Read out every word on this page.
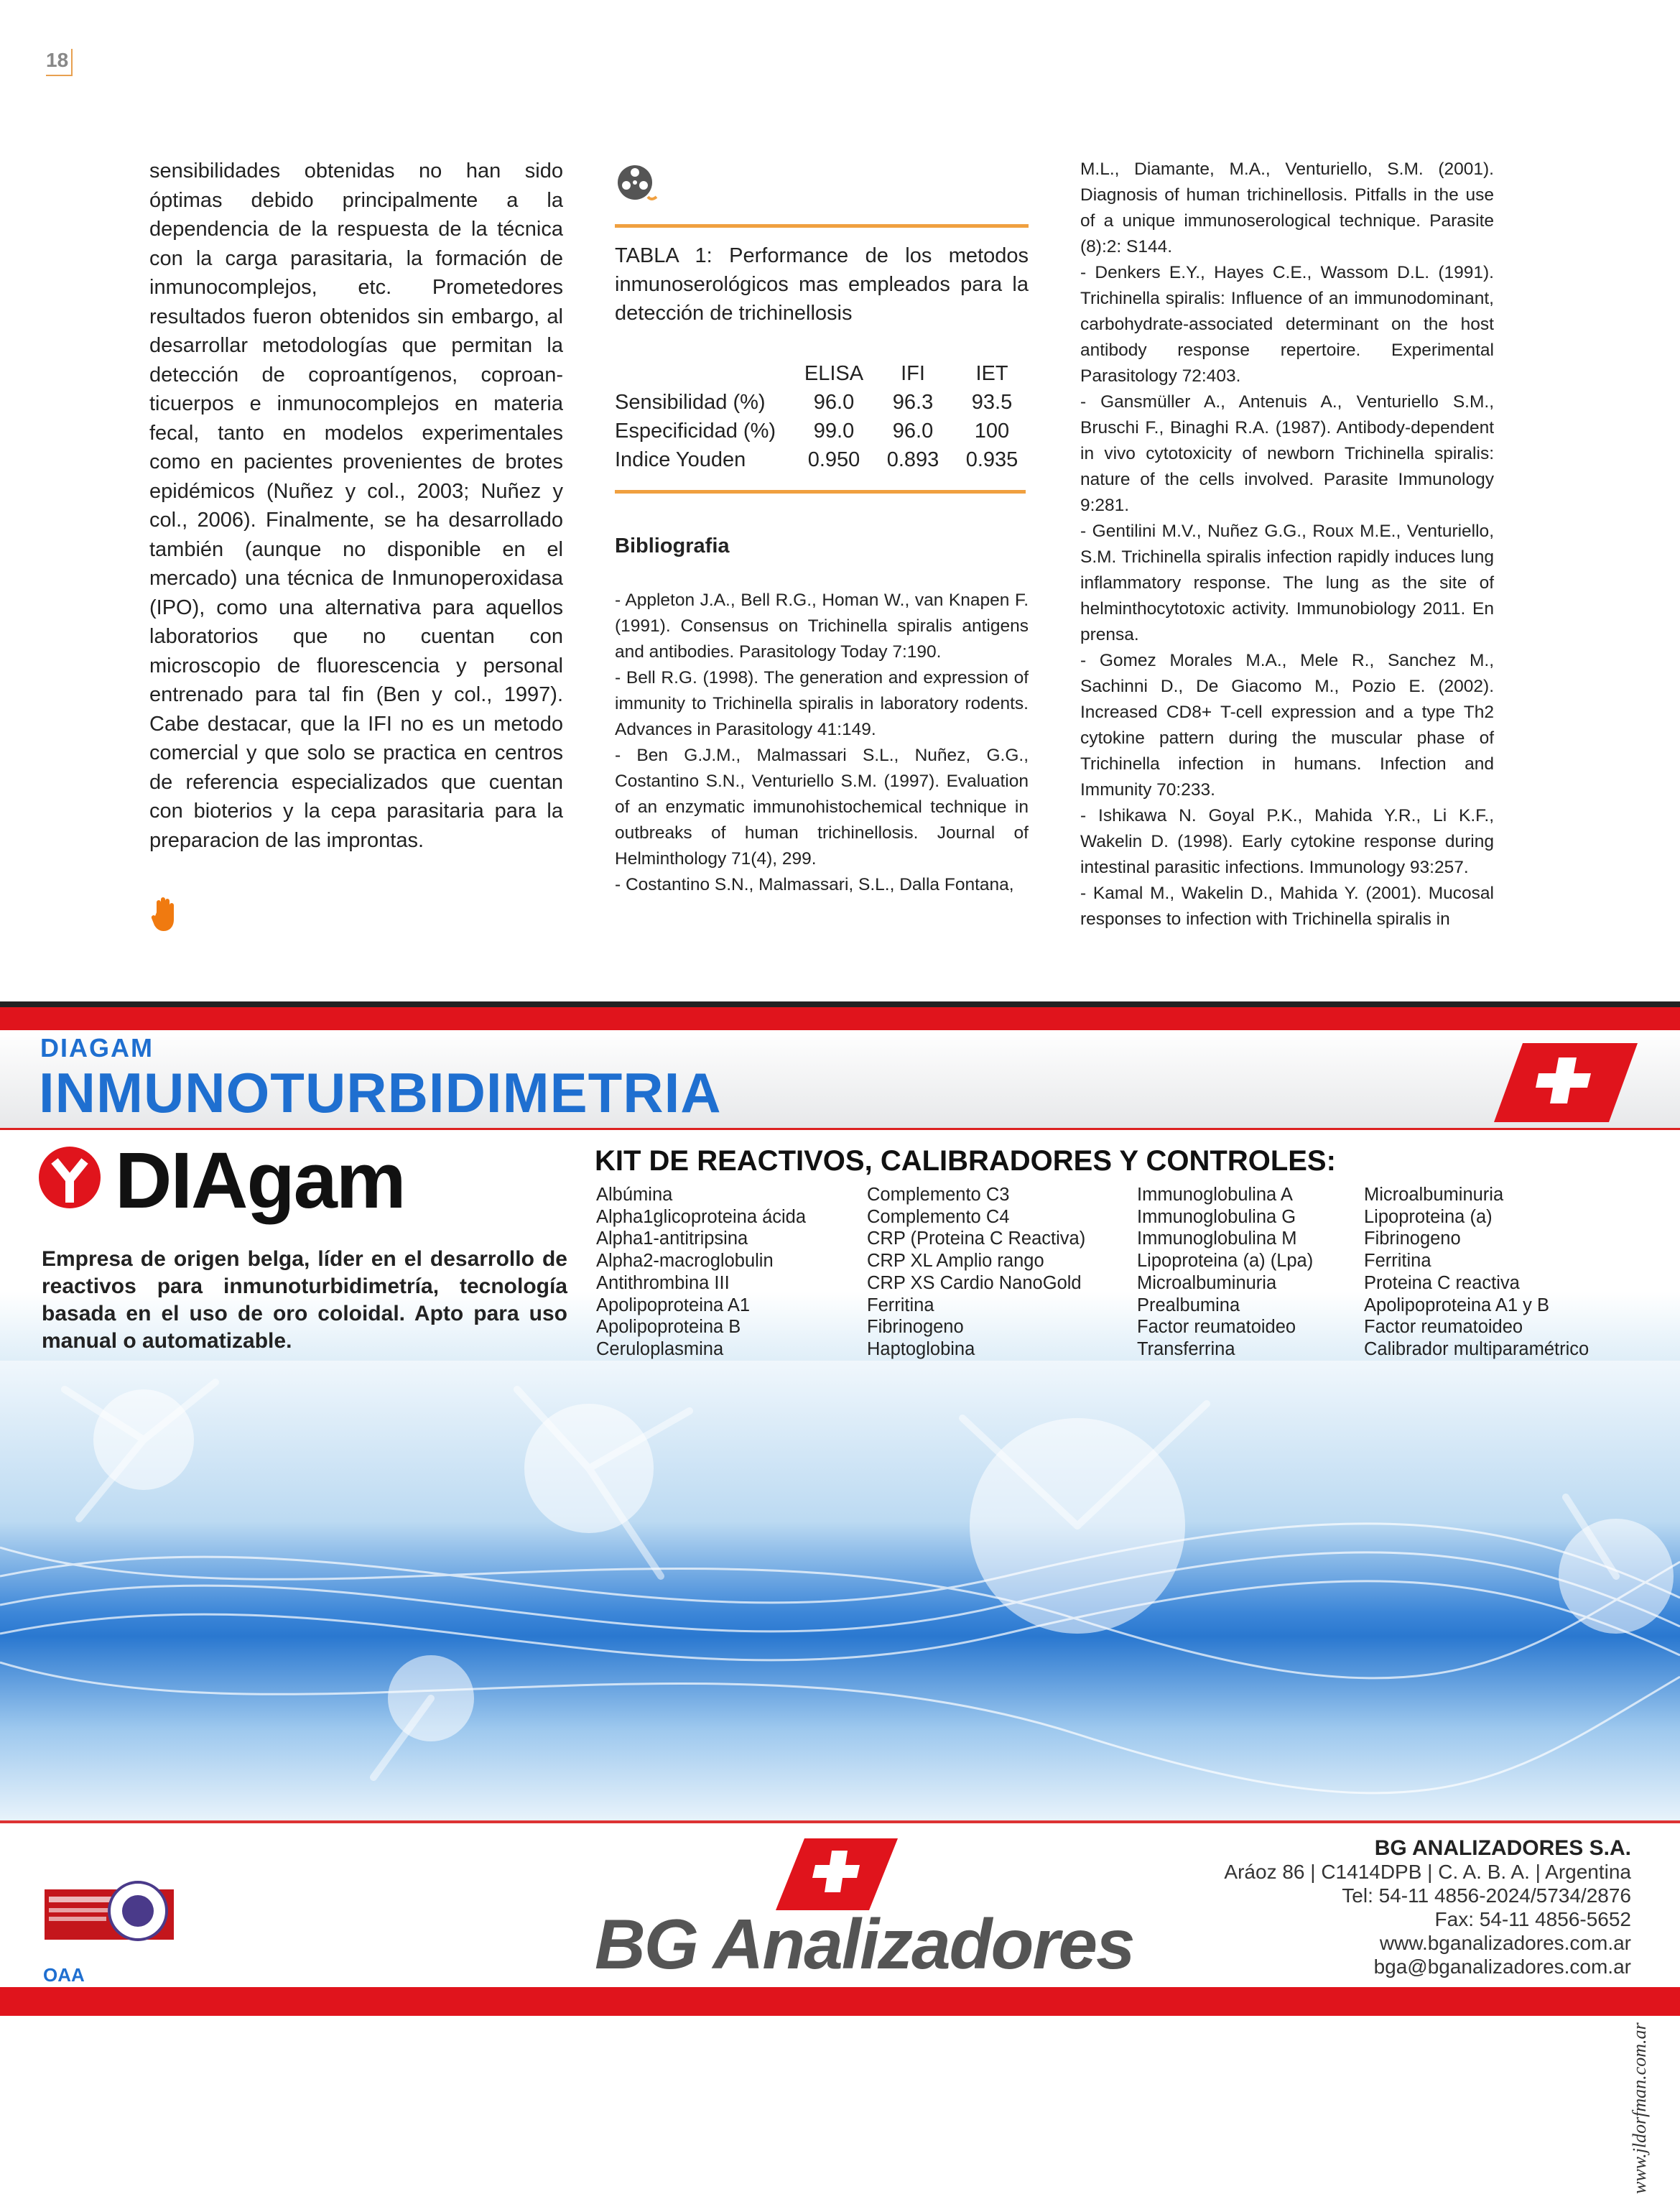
18

sensibilidades obtenidas no han sido óptimas debido principalmente a la dependencia de la respuesta de la técnica con la carga parasitaria, la formación de inmunocomplejos, etc. Prometedores resultados fueron obtenidos sin embargo, al desarrollar metodologías que permitan la detección de coproantígenos, coproanticuerpos e inmunocomplejos en materia fecal, tanto en modelos experimentales como en pacientes provenientes de brotes epidémicos (Nuñez y col., 2003; Nuñez y col., 2006). Finalmente, se ha desarrollado también (aunque no disponible en el mercado) una técnica de Inmunoperoxidasa (IPO), como una alternativa para aquellos laboratorios que no cuentan con microscopio de fluorescencia y personal entrenado para tal fin (Ben y col., 1997). Cabe destacar, que la IFI no es un metodo comercial y que solo se practica en centros de referencia especializados que cuentan con bioterios y la cepa parasitaria para la preparacion de las improntas.

TABLA 1: Performance de los metodos inmunoserológicos mas empleados para la detección de trichinellosis
	ELISA	IFI	IET
Sensibilidad (%)	96.0	96.3	93.5
Especificidad (%)	99.0	96.0	100
Indice Youden	0.950	0.893	0.935
Bibliografia

- Appleton J.A., Bell R.G., Homan W., van Knapen F. (1991). Consensus on Trichinella spiralis antigens and antibodies. Parasitology Today 7:190.

- Bell R.G. (1998). The generation and expression of immunity to Trichinella spiralis in laboratory rodents. Advances in Parasitology 41:149.

- Ben G.J.M., Malmassari S.L., Nuñez, G.G., Costantino S.N., Venturiello S.M. (1997). Evaluation of an enzymatic immunohistochemical technique in outbreaks of human trichinellosis. Journal of Helminthology 71(4), 299.

- Costantino S.N., Malmassari, S.L., Dalla Fontana,

M.L., Diamante, M.A., Venturiello, S.M. (2001). Diagnosis of human trichinellosis. Pitfalls in the use of a unique immunoserological technique. Parasite (8):2: S144.

- Denkers E.Y., Hayes C.E., Wassom D.L. (1991). Trichinella spiralis: Influence of an immunodominant, carbohydrate-associated determinant on the host antibody response repertoire. Experimental Parasitology 72:403.

- Gansmüller A., Antenuis A., Venturiello S.M., Bruschi F., Binaghi R.A. (1987). Antibody-dependent in vivo cytotoxicity of newborn Trichinella spiralis: nature of the cells involved. Parasite Immunology 9:281.

- Gentilini M.V., Nuñez G.G., Roux M.E., Venturiello, S.M. Trichinella spiralis infection rapidly induces lung inflammatory response. The lung as the site of helminthocytotoxic activity. Immunobiology 2011. En prensa.

- Gomez Morales M.A., Mele R., Sanchez M., Sachinni D., De Giacomo M., Pozio E. (2002). Increased CD8+ T-cell expression and a type Th2 cytokine pattern during the muscular phase of Trichinella infection in humans. Infection and Immunity 70:233.

- Ishikawa N. Goyal P.K., Mahida Y.R., Li K.F., Wakelin D. (1998). Early cytokine response during intestinal parasitic infections. Immunology 93:257.

- Kamal M., Wakelin D., Mahida Y. (2001). Mucosal responses to infection with Trichinella spiralis in

DIAGAM
INMUNOTURBIDIMETRIA
DIAgam
Empresa de origen belga, líder en el desarrollo de reactivos para inmunoturbidimetría, tecnología basada en el uso de oro coloidal. Apto para uso manual o automatizable.
KIT DE REACTIVOS, CALIBRADORES Y CONTROLES:
Albúmina
Alpha1glicoproteina ácida
Alpha1-antitripsina
Alpha2-macroglobulin
Antithrombina III
Apolipoproteina A1
Apolipoproteina B
Ceruloplasmina
Complemento C3
Complemento C4
CRP (Proteina C Reactiva)
CRP XL Amplio rango
CRP XS Cardio NanoGold
Ferritina
Fibrinogeno
Haptoglobina
Immunoglobulina A
Immunoglobulina G
Immunoglobulina M
Lipoproteina (a) (Lpa)
Microalbuminuria
Prealbumina
Factor reumatoideo
Transferrina
Microalbuminuria
Lipoproteina (a)
Fibrinogeno
Ferritina
Proteina C reactiva
Apolipoproteina A1 y B
Factor reumatoideo
Calibrador multiparamétrico
www.jldorfman.com.ar
OAA	BG Analizadores
BG ANALIZADORES S.A.
Aráoz 86 | C1414DPB | C. A. B. A. | Argentina
Tel: 54-11 4856-2024/5734/2876
Fax: 54-11 4856-5652
www.bganalizadores.com.ar
bga@bganalizadores.com.ar
